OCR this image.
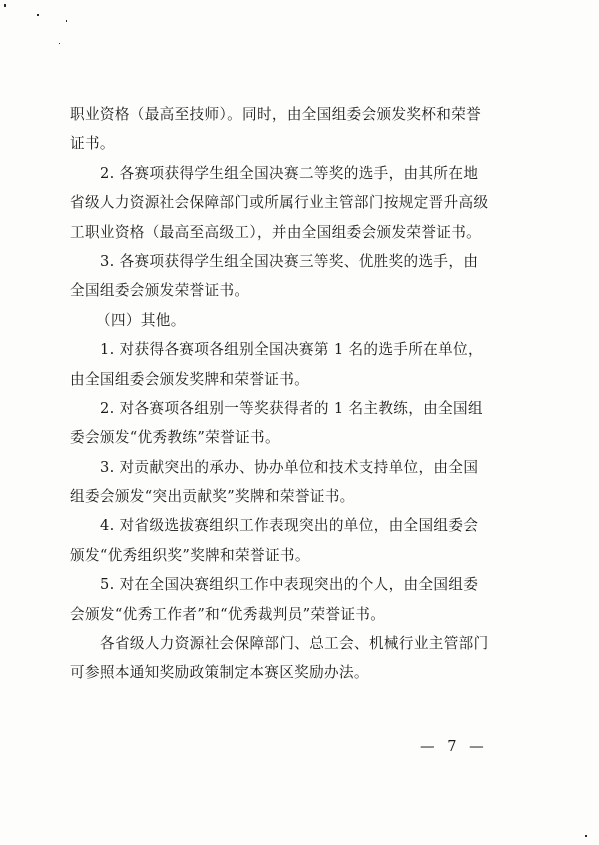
职业资格（最高至技师）。同时，由全国组委会颁发奖杯和荣誉
证书。
2. 各赛项获得学生组全国决赛二等奖的选手，由其所在地
省级人力资源社会保障部门或所属行业主管部门按规定晋升高级
工职业资格（最高至高级工），并由全国组委会颁发荣誉证书。
3. 各赛项获得学生组全国决赛三等奖、优胜奖的选手，由
全国组委会颁发荣誉证书。
（四）其他。
1. 对获得各赛项各组别全国决赛第 1 名的选手所在单位，
由全国组委会颁发奖牌和荣誉证书。
2. 对各赛项各组别一等奖获得者的 1 名主教练，由全国组
委会颁发“优秀教练”荣誉证书。
3. 对贡献突出的承办、协办单位和技术支持单位，由全国
组委会颁发“突出贡献奖”奖牌和荣誉证书。
4. 对省级选拔赛组织工作表现突出的单位，由全国组委会
颁发“优秀组织奖”奖牌和荣誉证书。
5. 对在全国决赛组织工作中表现突出的个人，由全国组委
会颁发“优秀工作者”和“优秀裁判员”荣誉证书。
各省级人力资源社会保障部门、总工会、机械行业主管部门
可参照本通知奖励政策制定本赛区奖励办法。
— 7 —
